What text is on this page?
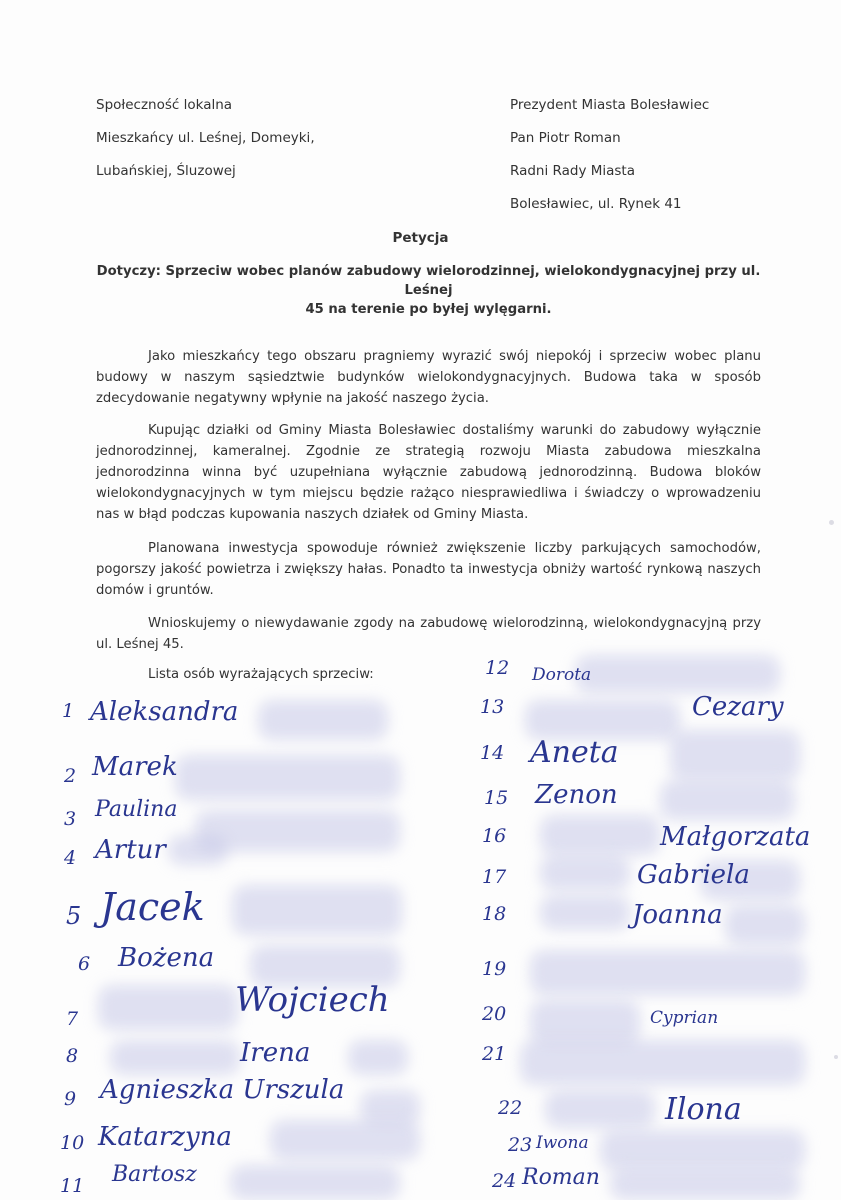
Społeczność lokalna
Mieszkańcy ul. Leśnej, Domeyki,
Lubańskiej, Śluzowej
Prezydent Miasta Bolesławiec
Pan Piotr Roman
Radni Rady Miasta
Bolesławiec, ul. Rynek 41
Petycja
Dotyczy: Sprzeciw wobec planów zabudowy wielorodzinnej, wielokondygnacyjnej przy ul. Leśnej
45 na terenie po byłej wylęgarni.

Jako mieszkańcy tego obszaru pragniemy wyrazić swój niepokój i sprzeciw wobec planu budowy w naszym sąsiedztwie budynków wielokondygnacyjnych. Budowa taka w sposób zdecydowanie negatywny wpłynie na jakość naszego życia.

Kupując działki od Gminy Miasta Bolesławiec dostaliśmy warunki do zabudowy wyłącznie jednorodzinnej, kameralnej. Zgodnie ze strategią rozwoju Miasta zabudowa mieszkalna jednorodzinna winna być uzupełniana wyłącznie zabudową jednorodzinną. Budowa bloków wielokondygnacyjnych w tym miejscu będzie rażąco niesprawiedliwa i świadczy o wprowadzeniu nas w błąd podczas kupowania naszych działek od Gminy Miasta.

Planowana inwestycja spowoduje również zwiększenie liczby parkujących samochodów, pogorszy jakość powietrza i zwiększy hałas. Ponadto ta inwestycja obniży wartość rynkową naszych domów i gruntów.

Wnioskujemy o niewydawanie zgody na zabudowę wielorodzinną, wielokondygnacyjną przy ul. Leśnej 45.

Lista osób wyrażających sprzeciw:
1 Aleksandra
2 Marek
3 Paulina
4 Artur
5 Jacek
6 Bożena
7	Wojciech
8	Irena
9 Agnieszka Urszula
10 Katarzyna
11 Bartosz
12 Dorota
13	Cezary
14 Aneta
15 Zenon
16	Małgorzata
17	Gabriela
18	Joanna
19
20	Cyprian
21
22	Ilona
23 Iwona
24 Roman
